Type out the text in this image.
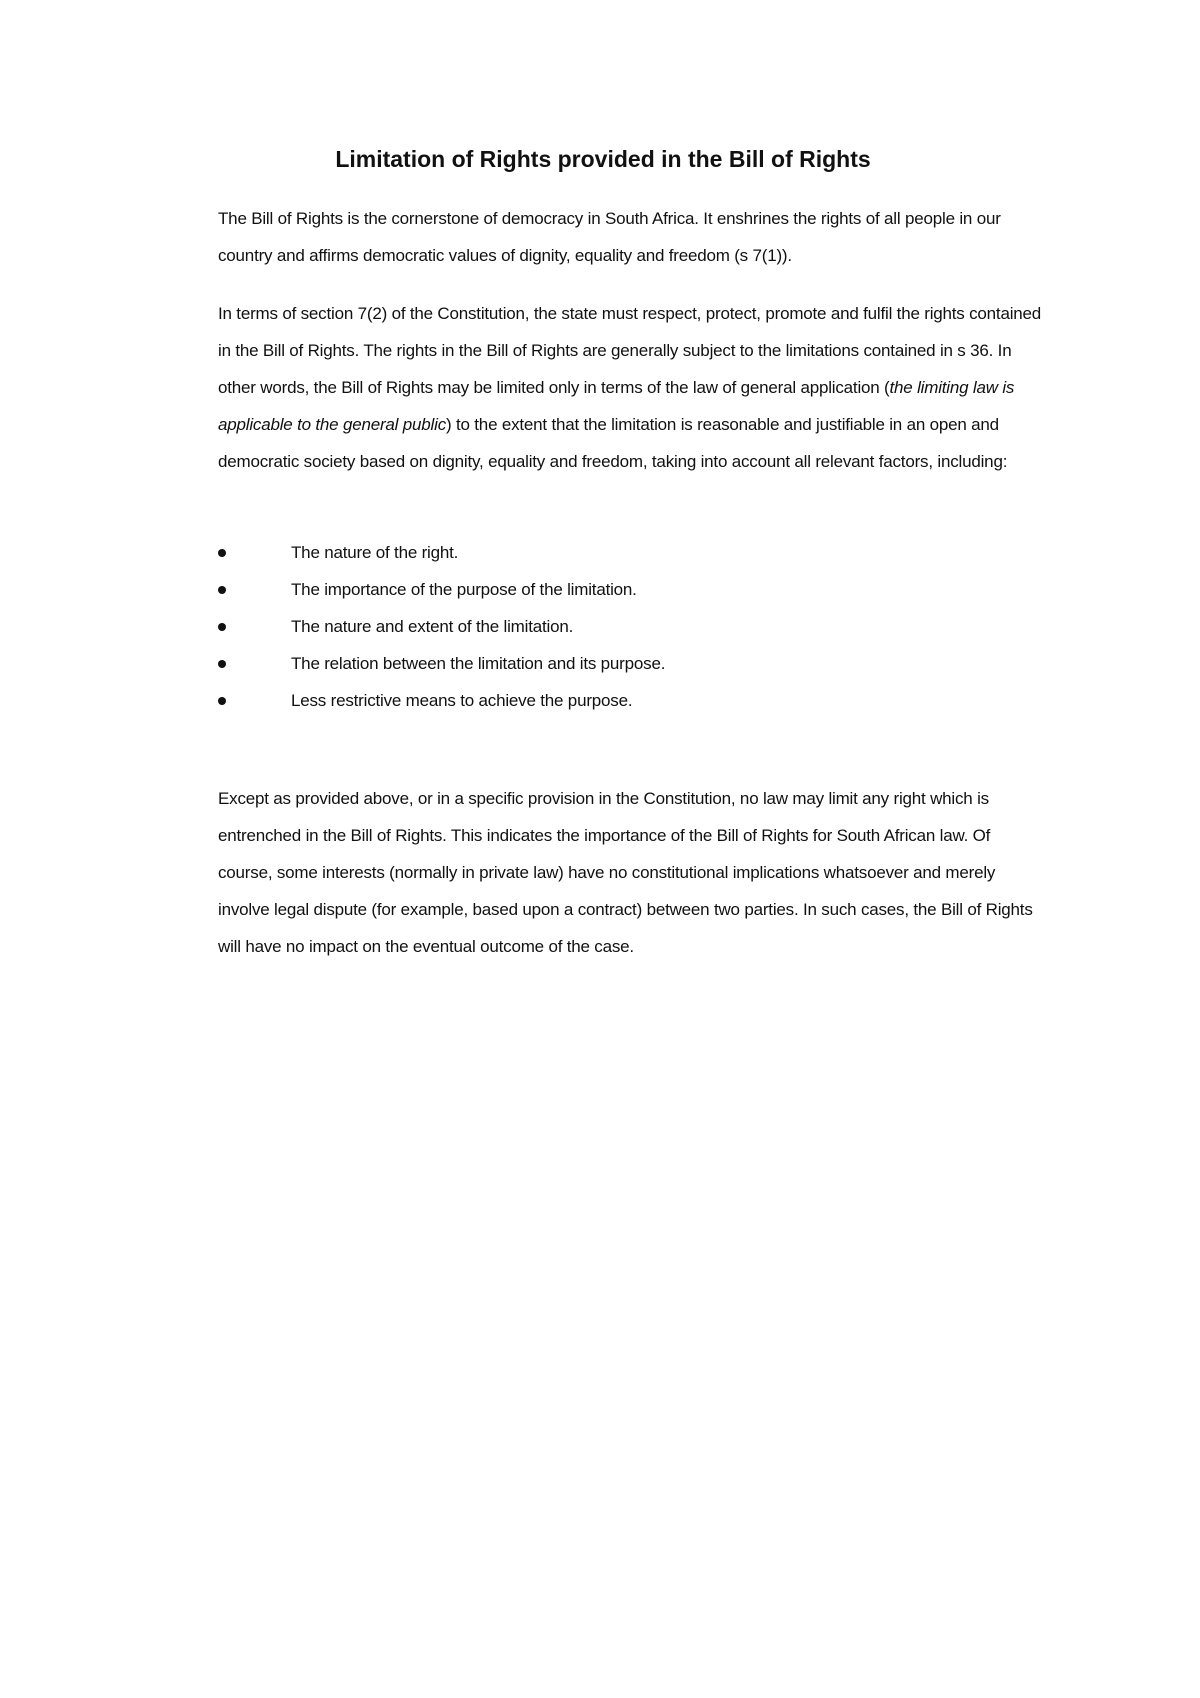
Limitation of Rights provided in the Bill of Rights

The Bill of Rights is the cornerstone of democracy in South Africa. It enshrines the rights of all people in our country and affirms democratic values of dignity, equality and freedom (s 7(1)).

In terms of section 7(2) of the Constitution, the state must respect, protect, promote and fulfil the rights contained in the Bill of Rights. The rights in the Bill of Rights are generally subject to the limitations contained in s 36. In other words, the Bill of Rights may be limited only in terms of the law of general application (the limiting law is applicable to the general public) to the extent that the limitation is reasonable and justifiable in an open and democratic society based on dignity, equality and freedom, taking into account all relevant factors, including:

The nature of the right.
The importance of the purpose of the limitation.
The nature and extent of the limitation.
The relation between the limitation and its purpose.
Less restrictive means to achieve the purpose.

Except as provided above, or in a specific provision in the Constitution, no law may limit any right which is entrenched in the Bill of Rights. This indicates the importance of the Bill of Rights for South African law. Of course, some interests (normally in private law) have no constitutional implications whatsoever and merely involve legal dispute (for example, based upon a contract) between two parties. In such cases, the Bill of Rights will have no impact on the eventual outcome of the case.
